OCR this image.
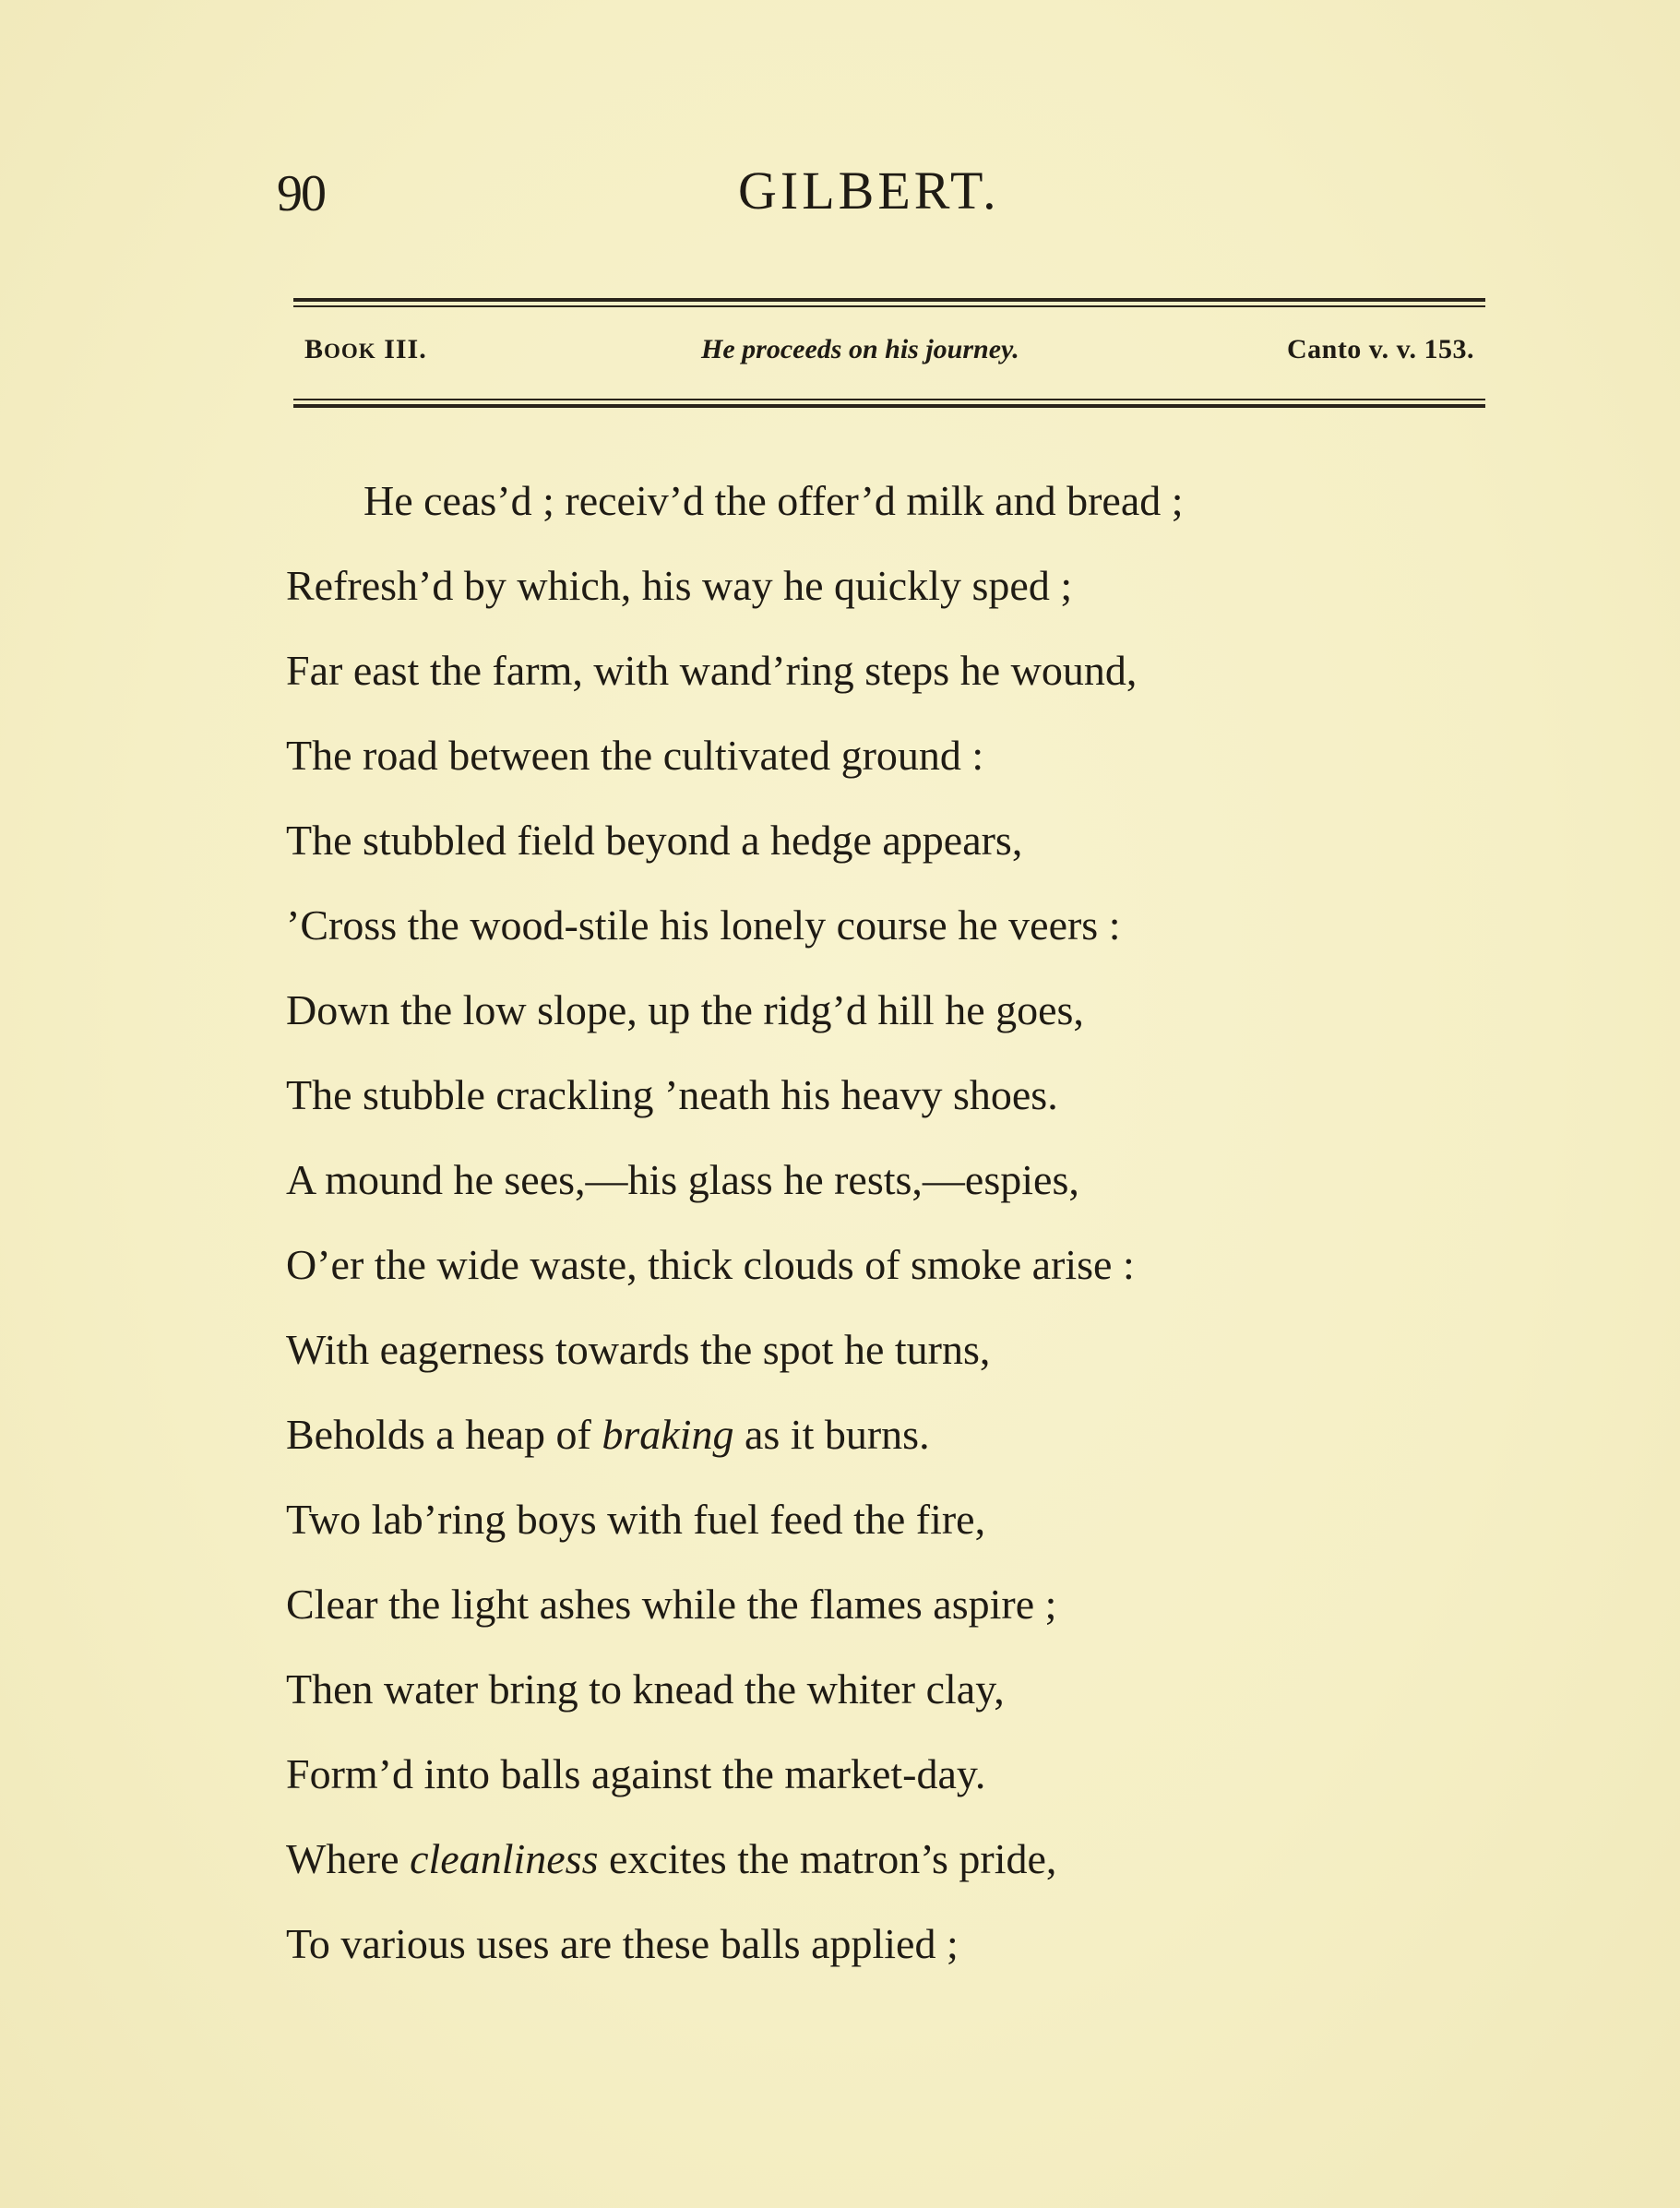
90	GILBERT.
BOOK III.	He proceeds on his journey.	Canto v. v. 153.
He ceas’d ; receiv’d the offer’d milk and bread ;
Refresh’d by which, his way he quickly sped ;
Far east the farm, with wand’ring steps he wound,
The road between the cultivated ground :
The stubbled field beyond a hedge appears,
’Cross the wood-stile his lonely course he veers :
Down the low slope, up the ridg’d hill he goes,
The stubble crackling ’neath his heavy shoes.
A mound he sees,—his glass he rests,—espies,
O’er the wide waste, thick clouds of smoke arise :
With eagerness towards the spot he turns,
Beholds a heap of braking as it burns.
Two lab’ring boys with fuel feed the fire,
Clear the light ashes while the flames aspire ;
Then water bring to knead the whiter clay,
Form’d into balls against the market-day.
Where cleanliness excites the matron’s pride,
To various uses are these balls applied ;
